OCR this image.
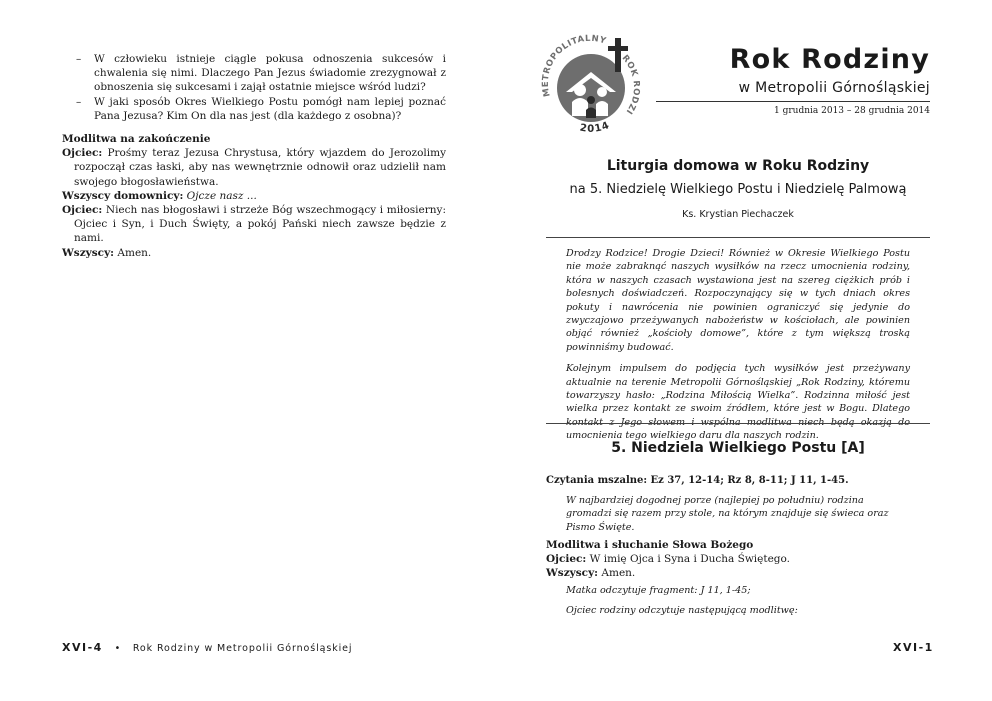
– W człowieku istnieje ciągle pokusa odnoszenia sukcesów i chwalenia się nimi. Dlaczego Pan Jezus świadomie zrezygnował z obnoszenia się sukcesami i zajął ostatnie miejsce wśród ludzi?
– W jaki sposób Okres Wielkiego Postu pomógł nam lepiej poznać Pana Jezusa? Kim On dla nas jest (dla każdego z osobna)?
Modlitwa na zakończenie
Ojciec: Prośmy teraz Jezusa Chrystusa, który wjazdem do Jerozolimy rozpoczął czas łaski, aby nas wewnętrznie odnowił oraz udzielił nam swojego błogosławieństwa.
Wszyscy domownicy: Ojcze nasz ...
Ojciec: Niech nas błogosławi i strzeże Bóg wszechmogący i miłosierny: Ojciec i Syn, i Duch Święty, a pokój Pański niech zawsze będzie z nami.
Wszyscy: Amen.
XVI-4 • Rok Rodziny w Metropolii Górnośląskiej
METROPOLITALNY
ROK RODZI
2014
Rok Rodziny
w Metropolii Górnośląskiej
1 grudnia 2013 – 28 grudnia 2014
Liturgia domowa w Roku Rodziny
na 5. Niedzielę Wielkiego Postu i Niedzielę Palmową
Ks. Krystian Piechaczek

Drodzy Rodzice! Drogie Dzieci! Również w Okresie Wielkiego Postu nie może zabraknąć naszych wysiłków na rzecz umocnienia rodziny, która w naszych czasach wystawiona jest na szereg ciężkich prób i bolesnych doświadczeń. Rozpoczynający się w tych dniach okres pokuty i nawrócenia nie powinien ograniczyć się jedynie do zwyczajowo przeżywanych nabożeństw w kościołach, ale powinien objąć również „kościoły domowe”, które z tym większą troską powinniśmy budować.

Kolejnym impulsem do podjęcia tych wysiłków jest przeżywany aktualnie na terenie Metropolii Górnośląskiej „Rok Rodziny, któremu towarzyszy hasło: „Rodzina Miłością Wielka”. Rodzinna miłość jest wielka przez kontakt ze swoim źródłem, które jest w Bogu. Dlatego umocnienia tego wielkiego daru dla naszych rodzin.

5. Niedziela Wielkiego Postu [A]
Czytania mszalne: Ez 37, 12-14; Rz 8, 8-11; J 11, 1-45.
W najbardziej dogodnej porze (najlepiej po południu) rodzina gromadzi się razem przy stole, na którym znajduje się świeca oraz Pismo Święte.
Modlitwa i słuchanie Słowa Bożego
Ojciec: W imię Ojca i Syna i Ducha Świętego.
Wszyscy: Amen.
Matka odczytuje fragment: J 11, 1-45;
Ojciec rodziny odczytuje następującą modlitwę:
XVI-1
